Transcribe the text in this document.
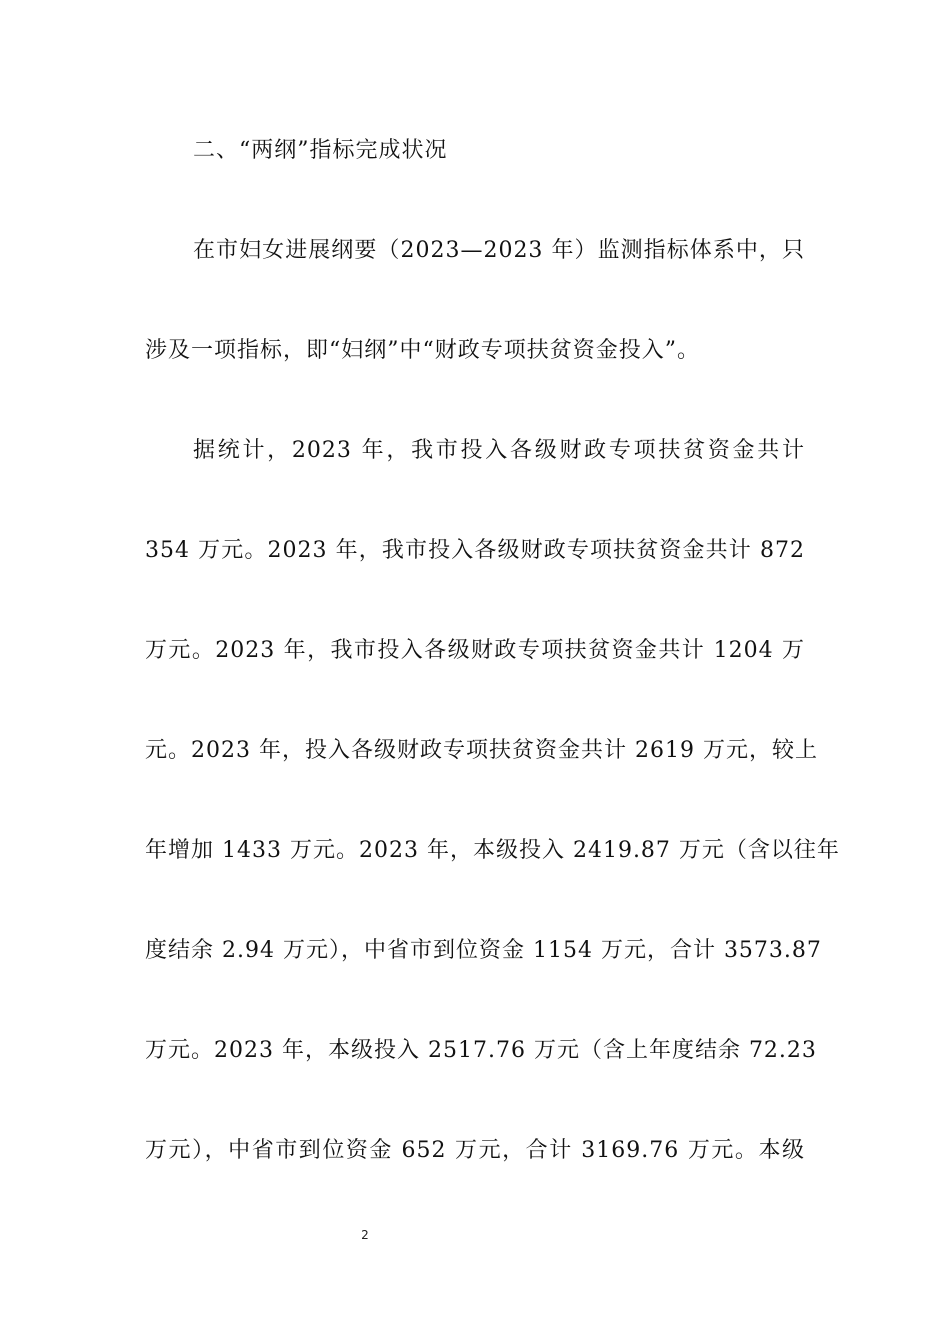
二、“两纲”指标完成状况
在市妇女进展纲要（2023—2023 年）监测指标体系中，只
涉及一项指标，即“妇纲”中“财政专项扶贫资金投入”。
据统计，2023 年，我市投入各级财政专项扶贫资金共计
354 万元。2023 年，我市投入各级财政专项扶贫资金共计 872
万元。2023 年，我市投入各级财政专项扶贫资金共计 1204 万
元。2023 年，投入各级财政专项扶贫资金共计 2619 万元，较上
年增加 1433 万元。2023 年，本级投入 2419.87 万元（含以往年
度结余 2.94 万元），中省市到位资金 1154 万元，合计 3573.87
万元。2023 年，本级投入 2517.76 万元（含上年度结余 72.23
万元），中省市到位资金 652 万元，合计 3169.76 万元。本级
2
